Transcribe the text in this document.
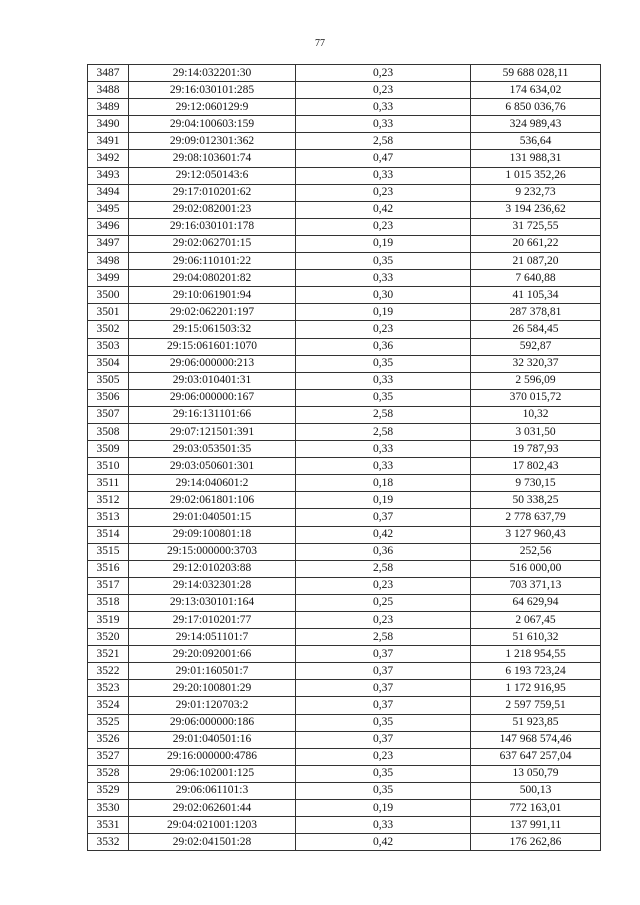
77
3487	29:14:032201:30	0,23	59 688 028,11
3488	29:16:030101:285	0,23	174 634,02
3489	29:12:060129:9	0,33	6 850 036,76
3490	29:04:100603:159	0,33	324 989,43
3491	29:09:012301:362	2,58	536,64
3492	29:08:103601:74	0,47	131 988,31
3493	29:12:050143:6	0,33	1 015 352,26
3494	29:17:010201:62	0,23	9 232,73
3495	29:02:082001:23	0,42	3 194 236,62
3496	29:16:030101:178	0,23	31 725,55
3497	29:02:062701:15	0,19	20 661,22
3498	29:06:110101:22	0,35	21 087,20
3499	29:04:080201:82	0,33	7 640,88
3500	29:10:061901:94	0,30	41 105,34
3501	29:02:062201:197	0,19	287 378,81
3502	29:15:061503:32	0,23	26 584,45
3503	29:15:061601:1070	0,36	592,87
3504	29:06:000000:213	0,35	32 320,37
3505	29:03:010401:31	0,33	2 596,09
3506	29:06:000000:167	0,35	370 015,72
3507	29:16:131101:66	2,58	10,32
3508	29:07:121501:391	2,58	3 031,50
3509	29:03:053501:35	0,33	19 787,93
3510	29:03:050601:301	0,33	17 802,43
3511	29:14:040601:2	0,18	9 730,15
3512	29:02:061801:106	0,19	50 338,25
3513	29:01:040501:15	0,37	2 778 637,79
3514	29:09:100801:18	0,42	3 127 960,43
3515	29:15:000000:3703	0,36	252,56
3516	29:12:010203:88	2,58	516 000,00
3517	29:14:032301:28	0,23	703 371,13
3518	29:13:030101:164	0,25	64 629,94
3519	29:17:010201:77	0,23	2 067,45
3520	29:14:051101:7	2,58	51 610,32
3521	29:20:092001:66	0,37	1 218 954,55
3522	29:01:160501:7	0,37	6 193 723,24
3523	29:20:100801:29	0,37	1 172 916,95
3524	29:01:120703:2	0,37	2 597 759,51
3525	29:06:000000:186	0,35	51 923,85
3526	29:01:040501:16	0,37	147 968 574,46
3527	29:16:000000:4786	0,23	637 647 257,04
3528	29:06:102001:125	0,35	13 050,79
3529	29:06:061101:3	0,35	500,13
3530	29:02:062601:44	0,19	772 163,01
3531	29:04:021001:1203	0,33	137 991,11
3532	29:02:041501:28	0,42	176 262,86
